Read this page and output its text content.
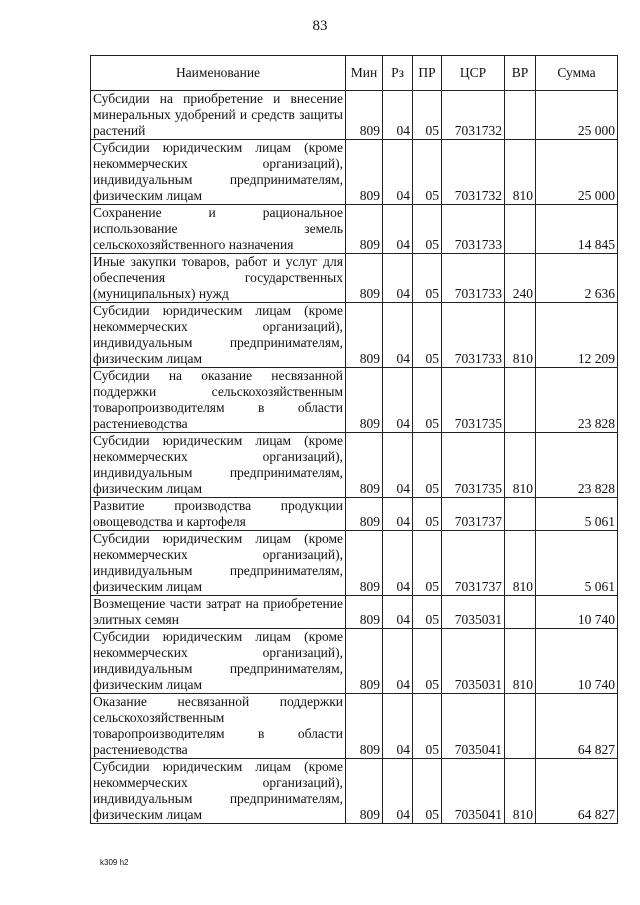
83
Наименование	Мин	Рз	ПР	ЦСР	ВР	Сумма
Субсидии на приобретение и внесение минеральных удобрений и средств защиты растений	809	04	05	7031732		25 000
Субсидии юридическим лицам (кроме некоммерческих организаций), индивидуальным предпринимателям, физическим лицам	809	04	05	7031732	810	25 000
Сохранение и рациональное использование земель сельскохозяйственного назначения	809	04	05	7031733		14 845
Иные закупки товаров, работ и услуг для обеспечения государственных (муниципальных) нужд	809	04	05	7031733	240	2 636
Субсидии юридическим лицам (кроме некоммерческих организаций), индивидуальным предпринимателям, физическим лицам	809	04	05	7031733	810	12 209
Субсидии на оказание несвязанной поддержки сельскохозяйственным товаропроизводителям в области растениеводства	809	04	05	7031735		23 828
Субсидии юридическим лицам (кроме некоммерческих организаций), индивидуальным предпринимателям, физическим лицам	809	04	05	7031735	810	23 828
Развитие производства продукции овощеводства и картофеля	809	04	05	7031737		5 061
Субсидии юридическим лицам (кроме некоммерческих организаций), индивидуальным предпринимателям, физическим лицам	809	04	05	7031737	810	5 061
Возмещение части затрат на приобретение элитных семян	809	04	05	7035031		10 740
Субсидии юридическим лицам (кроме некоммерческих организаций), индивидуальным предпринимателям, физическим лицам	809	04	05	7035031	810	10 740
Оказание несвязанной поддержки сельскохозяйственным товаропроизводителям в области растениеводства	809	04	05	7035041		64 827
Субсидии юридическим лицам (кроме некоммерческих организаций), индивидуальным предпринимателям, физическим лицам	809	04	05	7035041	810	64 827
k309 h2
